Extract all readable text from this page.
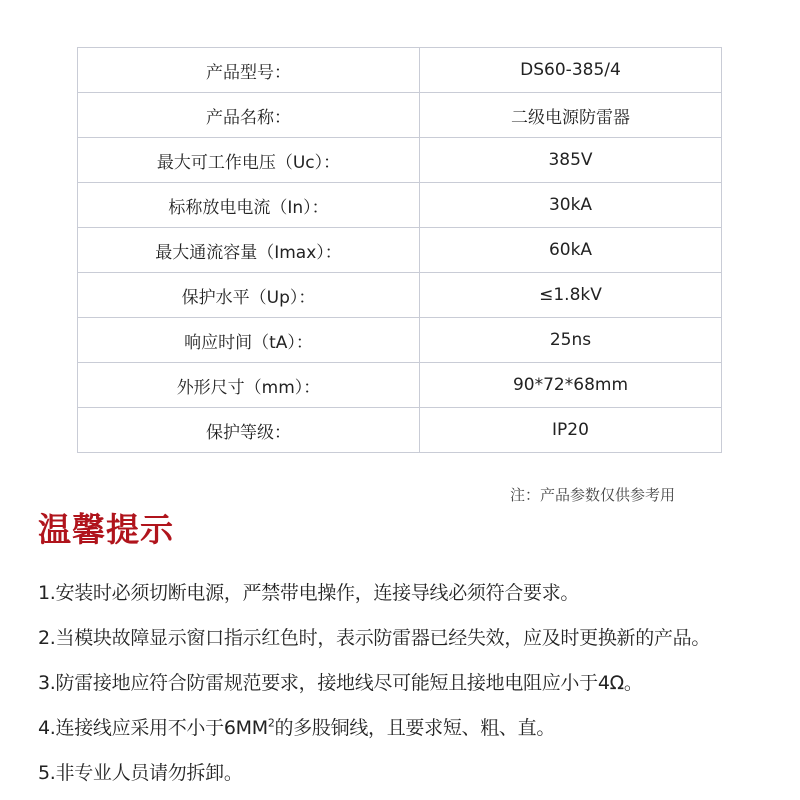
产品型号：	DS60-385/4
产品名称：	二级电源防雷器
最大可工作电压（Uc）：	385V
标称放电电流（In）：	30kA
最大通流容量（Imax）：	60kA
保护水平（Up）：	≤1.8kV
响应时间（tA）：	25ns
外形尺寸（mm）：	90*72*68mm
保护等级：	IP20
注：产品参数仅供参考用
温馨提示
1.安装时必须切断电源，严禁带电操作，连接导线必须符合要求。
2.当模块故障显示窗口指示红色时，表示防雷器已经失效，应及时更换新的产品。
3.防雷接地应符合防雷规范要求，接地线尽可能短且接地电阻应小于4Ω。
4.连接线应采用不小于$6MM^2$的多股铜线，且要求短、粗、直。
5.非专业人员请勿拆卸。
